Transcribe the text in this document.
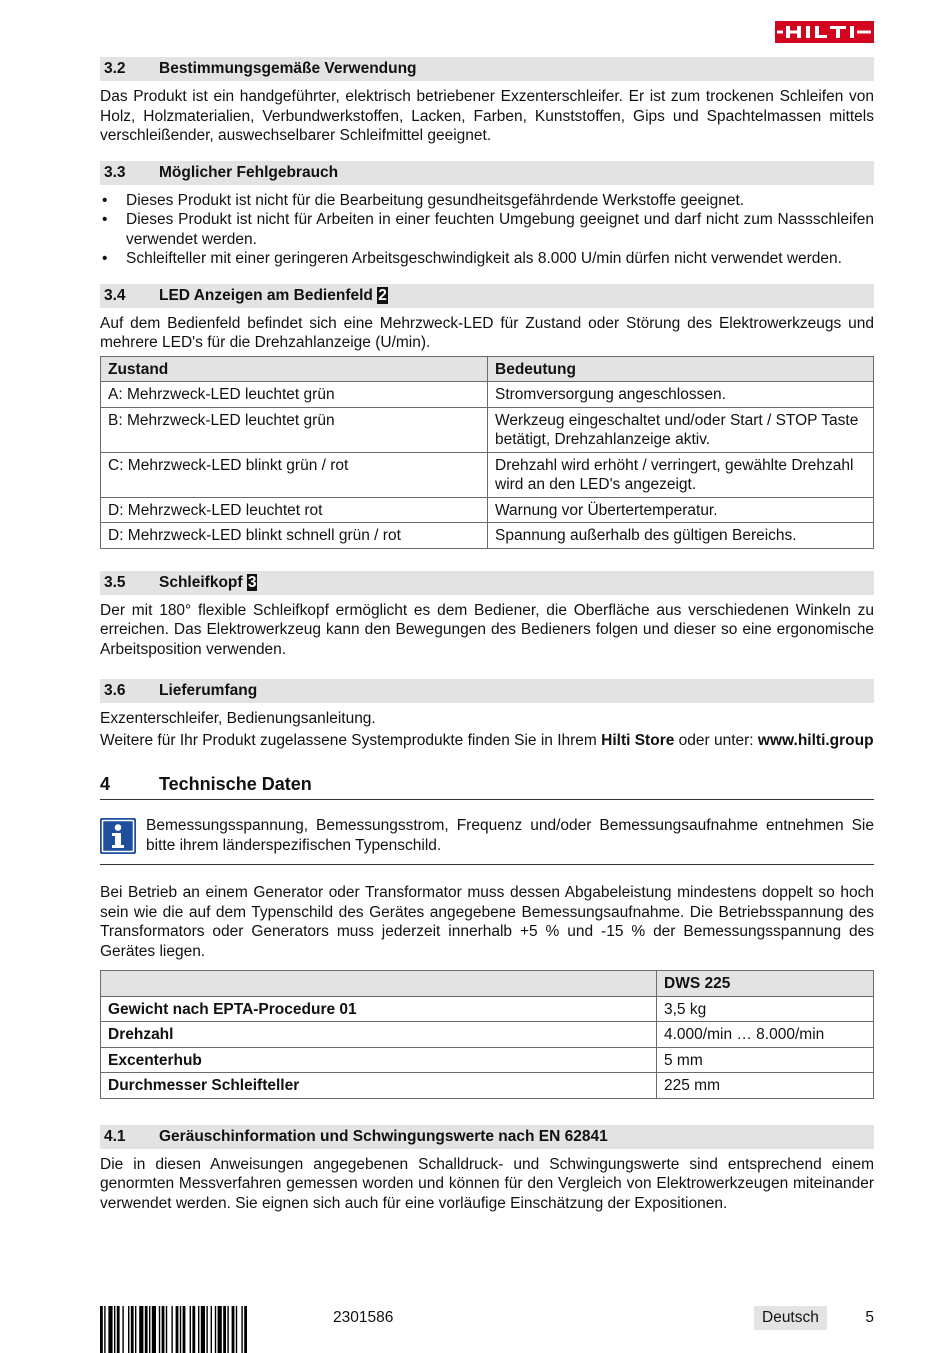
3.2	Bestimmungsgemäße Verwendung

Das Produkt ist ein handgeführter, elektrisch betriebener Exzenterschleifer. Er ist zum trockenen Schleifen von Holz, Holzmaterialien, Verbundwerkstoffen, Lacken, Farben, Kunststoffen, Gips und Spachtelmassen mittels verschleißender, auswechselbarer Schleifmittel geeignet.

3.3	Möglicher Fehlgebrauch
• Dieses Produkt ist nicht für die Bearbeitung gesundheitsgefährdende Werkstoffe geeignet.
• Dieses Produkt ist nicht für Arbeiten in einer feuchten Umgebung geeignet und darf nicht zum Nassschleifen verwendet werden.
• Schleifteller mit einer geringeren Arbeitsgeschwindigkeit als 8.000 U/min dürfen nicht verwendet werden.
3.4	LED Anzeigen am Bedienfeld 2

Auf dem Bedienfeld befindet sich eine Mehrzweck-LED für Zustand oder Störung des Elektrowerkzeugs und mehrere LED's für die Drehzahlanzeige (U/min).

Zustand	Bedeutung
A: Mehrzweck-LED leuchtet grün	Stromversorgung angeschlossen.
B: Mehrzweck-LED leuchtet grün	Werkzeug eingeschaltet und/oder Start / STOP Taste betätigt, Drehzahlanzeige aktiv.
C: Mehrzweck-LED blinkt grün / rot	Drehzahl wird erhöht / verringert, gewählte Drehzahl wird an den LED's angezeigt.
D: Mehrzweck-LED leuchtet rot	Warnung vor Übertertemperatur.
D: Mehrzweck-LED blinkt schnell grün / rot	Spannung außerhalb des gültigen Bereichs.
3.5	Schleifkopf 3

Der mit 180° flexible Schleifkopf ermöglicht es dem Bediener, die Oberfläche aus verschiedenen Winkeln zu erreichen. Das Elektrowerkzeug kann den Bewegungen des Bedieners folgen und dieser so eine ergonomische Arbeitsposition verwenden.

3.6	Lieferumfang

Exzenterschleifer, Bedienungsanleitung.

Weitere für Ihr Produkt zugelassene Systemprodukte finden Sie in Ihrem Hilti Store oder unter: www.hilti.group

4	Technische Daten

Bemessungsspannung, Bemessungsstrom, Frequenz und/oder Bemessungsaufnahme entnehmen Sie bitte ihrem länderspezifischen Typenschild.

Bei Betrieb an einem Generator oder Transformator muss dessen Abgabeleistung mindestens doppelt so hoch sein wie die auf dem Typenschild des Gerätes angegebene Bemessungsaufnahme. Die Betriebsspannung des Transformators oder Generators muss jederzeit innerhalb +5 % und -15 % der Bemessungsspannung des Gerätes liegen.

	DWS 225
Gewicht nach EPTA-Procedure 01	3,5 kg
Drehzahl	4.000/min … 8.000/min
Excenterhub	5 mm
Durchmesser Schleifteller	225 mm
4.1	Geräuschinformation und Schwingungswerte nach EN 62841

Die in diesen Anweisungen angegebenen Schalldruck- und Schwingungswerte sind entsprechend einem genormten Messverfahren gemessen worden und können für den Vergleich von Elektrowerkzeugen miteinander verwendet werden. Sie eignen sich auch für eine vorläufige Einschätzung der Expositionen.

2301586	Deutsch	5
